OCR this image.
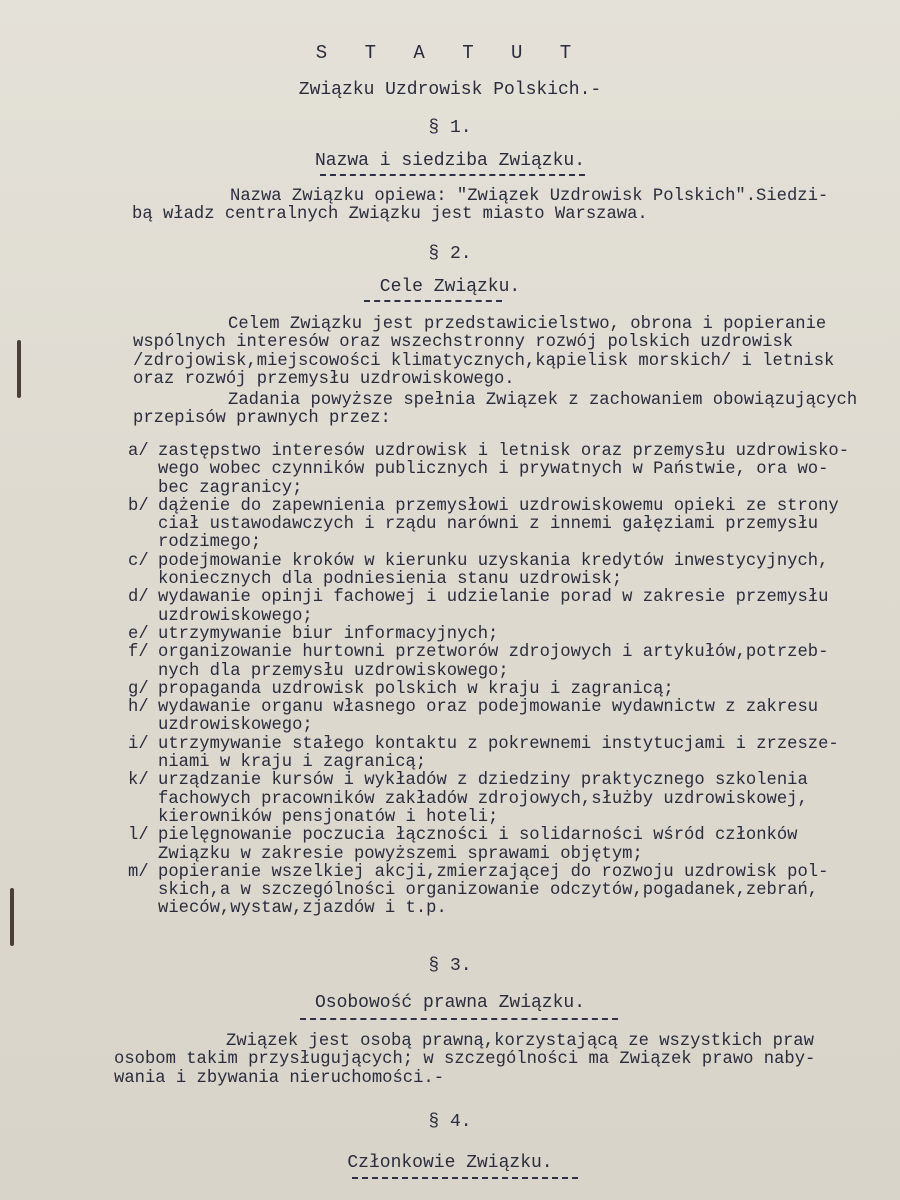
S T A T U T
Związku Uzdrowisk Polskich.-
§ 1.
Nazwa i siedziba Związku.
Nazwa Związku opiewa: "Związek Uzdrowisk Polskich".Siedzi-
bą władz centralnych Związku jest miasto Warszawa.
§ 2.
Cele Związku.
Celem Związku jest przedstawicielstwo, obrona i popieranie
wspólnych interesów oraz wszechstronny rozwój polskich uzdrowisk
/zdrojowisk,miejscowości klimatycznych,kąpielisk morskich/ i letnisk
oraz rozwój przemysłu uzdrowiskowego.
Zadania powyższe spełnia Związek z zachowaniem obowiązujących
przepisów prawnych przez:
a/ zastępstwo interesów uzdrowisk i letnisk oraz przemysłu uzdrowisko-
wego wobec czynników publicznych i prywatnych w Państwie, ora wo-
bec zagranicy;
b/ dążenie do zapewnienia przemysłowi uzdrowiskowemu opieki ze strony
ciał ustawodawczych i rządu narówni z innemi gałęziami przemysłu
rodzimego;
c/ podejmowanie kroków w kierunku uzyskania kredytów inwestycyjnych,
koniecznych dla podniesienia stanu uzdrowisk;
d/ wydawanie opinji fachowej i udzielanie porad w zakresie przemysłu
uzdrowiskowego;
e/ utrzymywanie biur informacyjnych;
f/ organizowanie hurtowni przetworów zdrojowych i artykułów,potrzeb-
nych dla przemysłu uzdrowiskowego;
g/ propaganda uzdrowisk polskich w kraju i zagranicą;
h/ wydawanie organu własnego oraz podejmowanie wydawnictw z zakresu
uzdrowiskowego;
i/ utrzymywanie stałego kontaktu z pokrewnemi instytucjami i zrzesze-
niami w kraju i zagranicą;
k/ urządzanie kursów i wykładów z dziedziny praktycznego szkolenia
fachowych pracowników zakładów zdrojowych,służby uzdrowiskowej,
kierowników pensjonatów i hoteli;
l/ pielęgnowanie poczucia łączności i solidarności wśród członków
Związku w zakresie powyższemi sprawami objętym;
m/ popieranie wszelkiej akcji,zmierzającej do rozwoju uzdrowisk pol-
skich,a w szczególności organizowanie odczytów,pogadanek,zebrań,
wieców,wystaw,zjazdów i t.p.
§ 3.
Osobowość prawna Związku.
Związek jest osobą prawną,korzystającą ze wszystkich praw
osobom takim przysługujących; w szczególności ma Związek prawo naby-
wania i zbywania nieruchomości.-
§ 4.
Członkowie Związku.
